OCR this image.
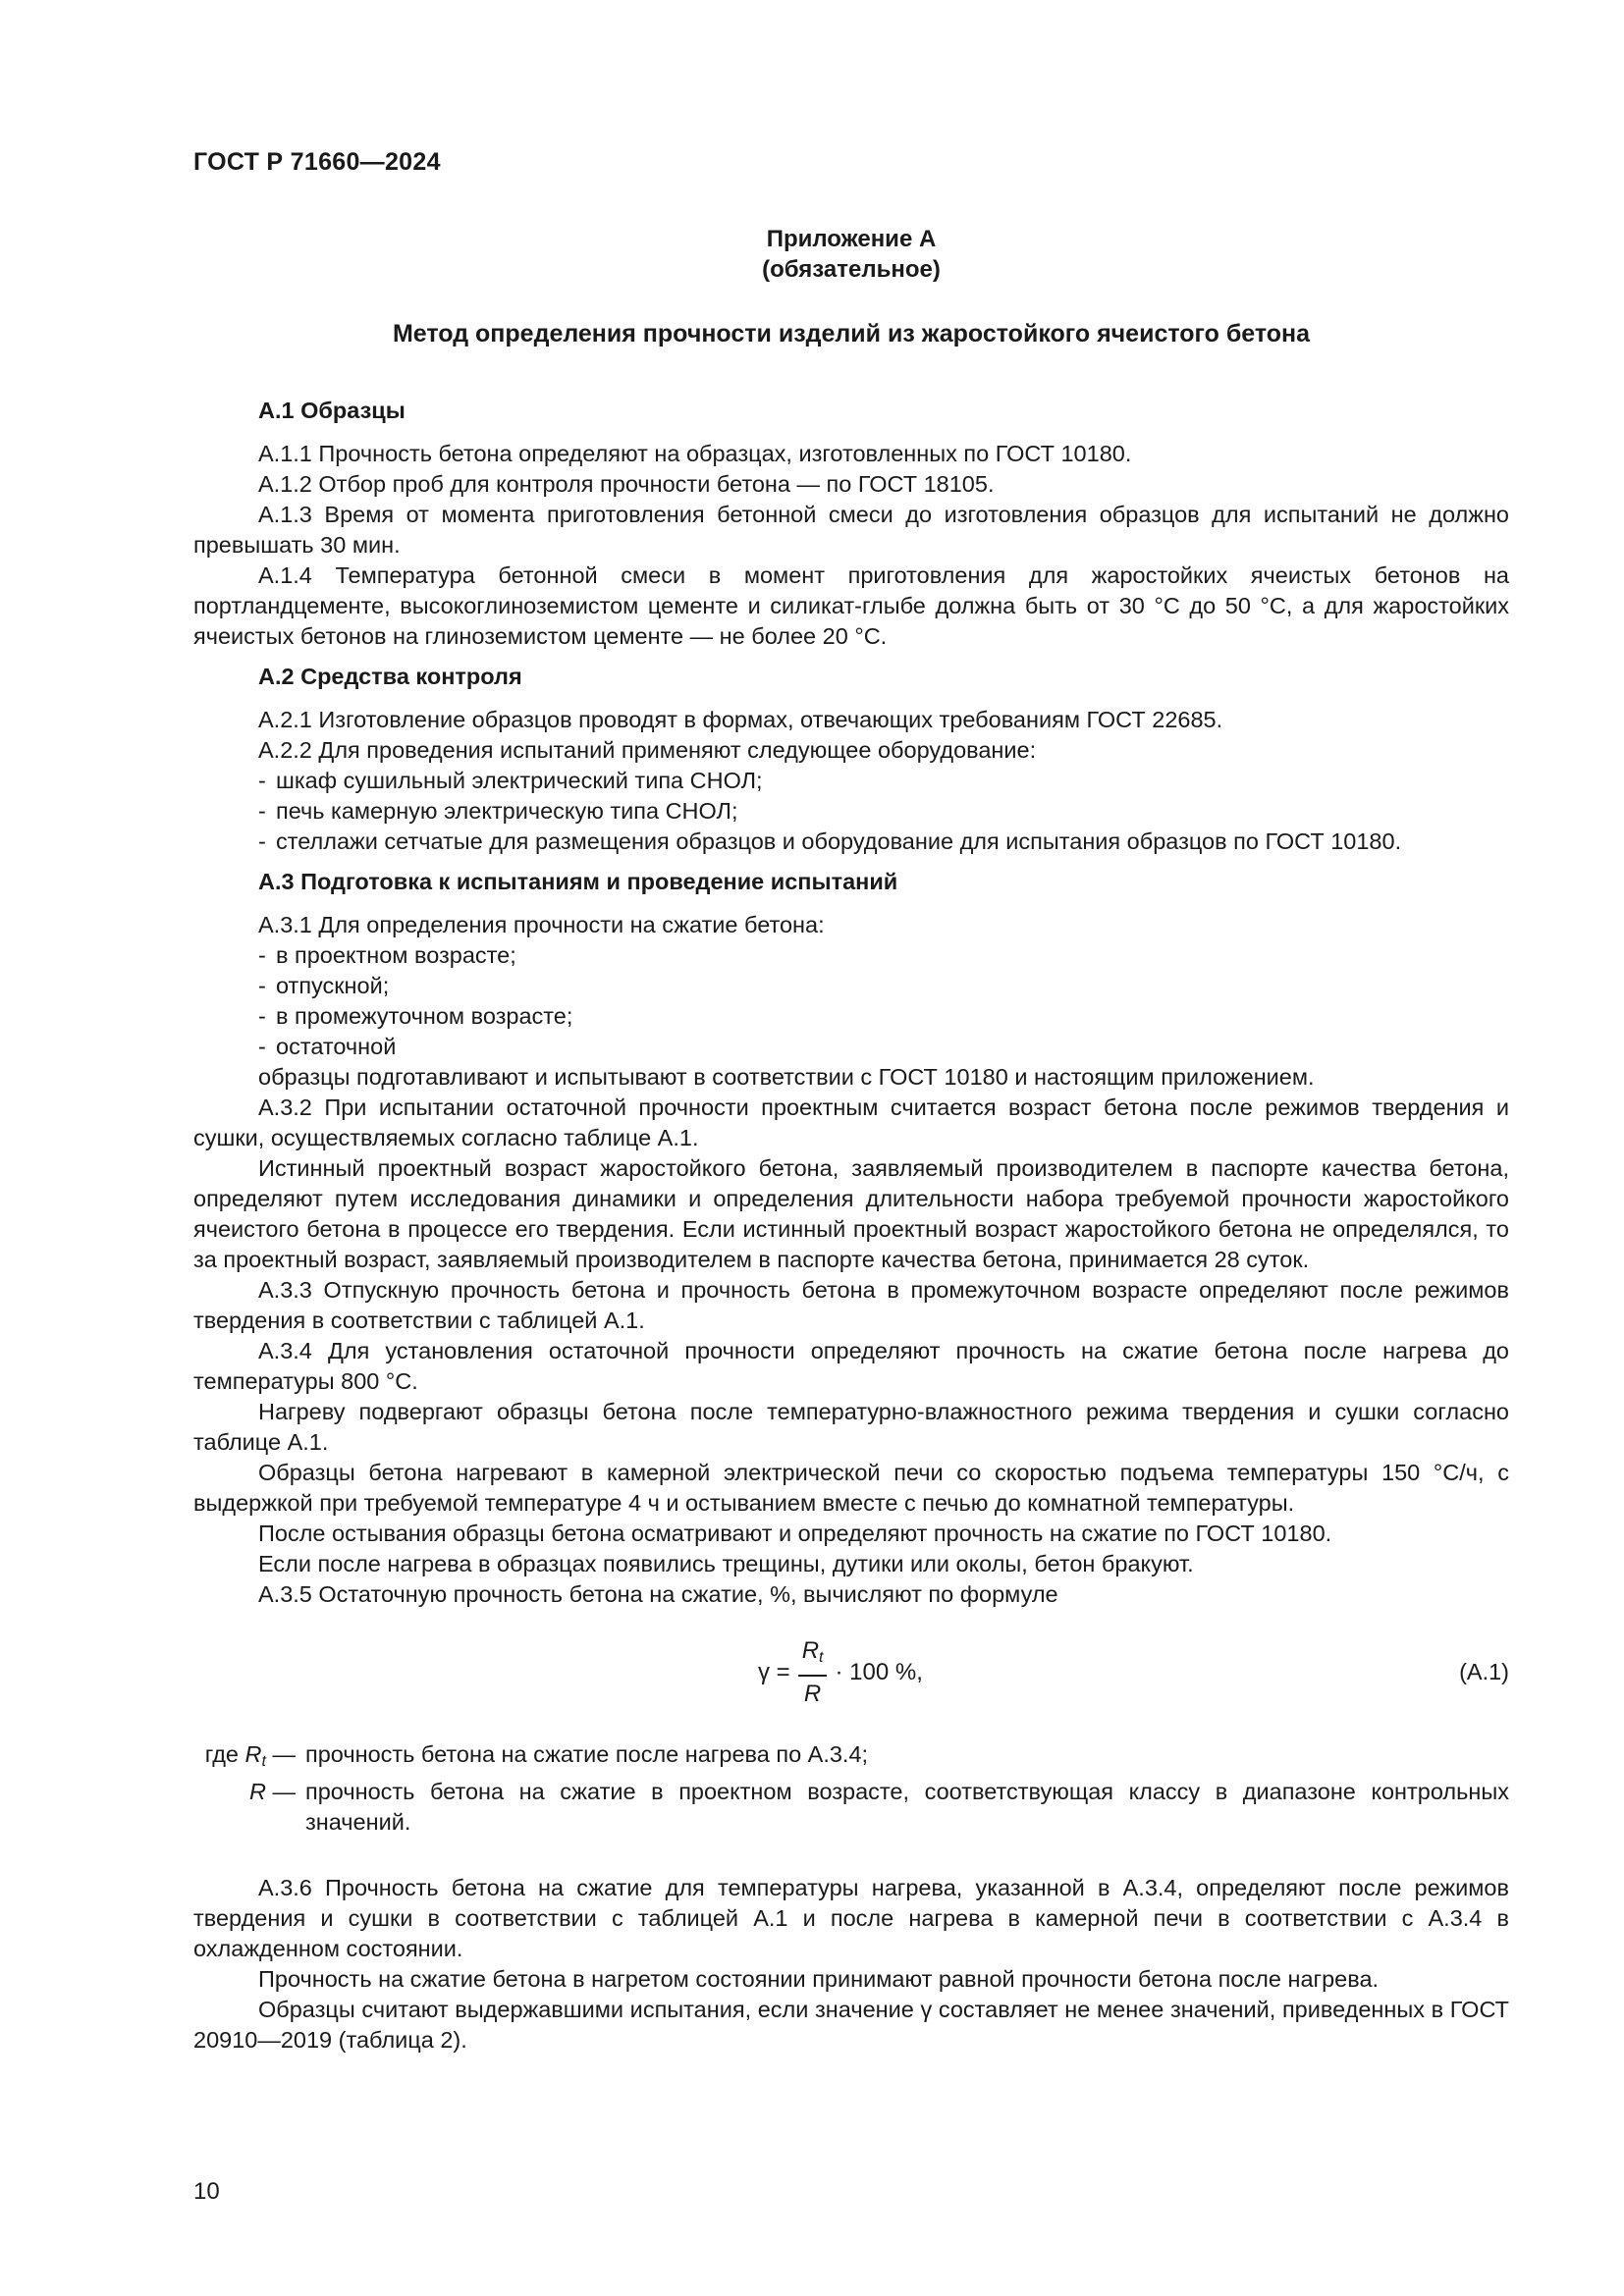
ГОСТ Р 71660—2024
Приложение А
(обязательное)
Метод определения прочности изделий из жаростойкого ячеистого бетона
А.1 Образцы
А.1.1 Прочность бетона определяют на образцах, изготовленных по ГОСТ 10180.
А.1.2 Отбор проб для контроля прочности бетона — по ГОСТ 18105.
А.1.3 Время от момента приготовления бетонной смеси до изготовления образцов для испытаний не должно превышать 30 мин.
А.1.4 Температура бетонной смеси в момент приготовления для жаростойких ячеистых бетонов на портландцементе, высокоглиноземистом цементе и силикат-глыбе должна быть от 30 °С до 50 °С, а для жаростойких ячеистых бетонов на глиноземистом цементе — не более 20 °С.
А.2 Средства контроля
А.2.1 Изготовление образцов проводят в формах, отвечающих требованиям ГОСТ 22685.
А.2.2 Для проведения испытаний применяют следующее оборудование:
- шкаф сушильный электрический типа СНОЛ;
- печь камерную электрическую типа СНОЛ;
- стеллажи сетчатые для размещения образцов и оборудование для испытания образцов по ГОСТ 10180.
А.3 Подготовка к испытаниям и проведение испытаний
А.3.1 Для определения прочности на сжатие бетона:
- в проектном возрасте;
- отпускной;
- в промежуточном возрасте;
- остаточной
образцы подготавливают и испытывают в соответствии с ГОСТ 10180 и настоящим приложением.
А.3.2 При испытании остаточной прочности проектным считается возраст бетона после режимов твердения и сушки, осуществляемых согласно таблице А.1.
Истинный проектный возраст жаростойкого бетона, заявляемый производителем в паспорте качества бетона, определяют путем исследования динамики и определения длительности набора требуемой прочности жаростойкого ячеистого бетона в процессе его твердения. Если истинный проектный возраст жаростойкого бетона не определялся, то за проектный возраст, заявляемый производителем в паспорте качества бетона, принимается 28 суток.
А.3.3 Отпускную прочность бетона и прочность бетона в промежуточном возрасте определяют после режимов твердения в соответствии с таблицей А.1.
А.3.4 Для установления остаточной прочности определяют прочность на сжатие бетона после нагрева до температуры 800 °С.
Нагреву подвергают образцы бетона после температурно-влажностного режима твердения и сушки согласно таблице А.1.
Образцы бетона нагревают в камерной электрической печи со скоростью подъема температуры 150 °С/ч, с выдержкой при требуемой температуре 4 ч и остыванием вместе с печью до комнатной температуры.
После остывания образцы бетона осматривают и определяют прочность на сжатие по ГОСТ 10180.
Если после нагрева в образцах появились трещины, дутики или околы, бетон бракуют.
А.3.5 Остаточную прочность бетона на сжатие, %, вычисляют по формуле
$\gamma = \frac{R_t}{R} \cdot 100$ %,	(А.1)
где $R_t$ — прочность бетона на сжатие после нагрева по А.3.4;
R — прочность бетона на сжатие в проектном возрасте, соответствующая классу в диапазоне контрольных значений.
А.3.6 Прочность бетона на сжатие для температуры нагрева, указанной в А.3.4, определяют после режимов твердения и сушки в соответствии с таблицей А.1 и после нагрева в камерной печи в соответствии с А.3.4 в охлажденном состоянии.
Прочность на сжатие бетона в нагретом состоянии принимают равной прочности бетона после нагрева.
Образцы считают выдержавшими испытания, если значение γ составляет не менее значений, приведенных в ГОСТ 20910—2019 (таблица 2).
10
